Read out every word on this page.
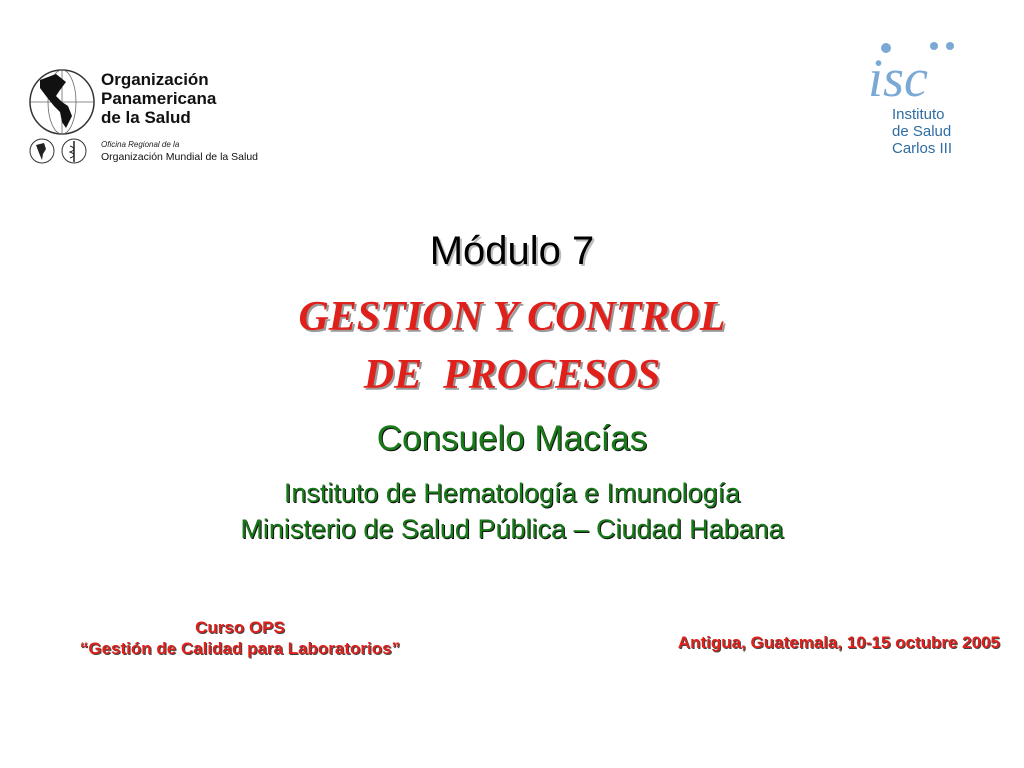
Organización
Panamericana
de la Salud
Oficina Regional de la
Organización Mundial de la Salud
isc
Instituto
de Salud
Carlos III
Módulo 7
GESTION Y CONTROL
DE  PROCESOS
Consuelo Macías
Instituto de Hematología e Imunología
Ministerio de Salud Pública – Ciudad Habana
Curso OPS
“Gestión de Calidad para Laboratorios”	Antigua, Guatemala, 10-15 octubre 2005
